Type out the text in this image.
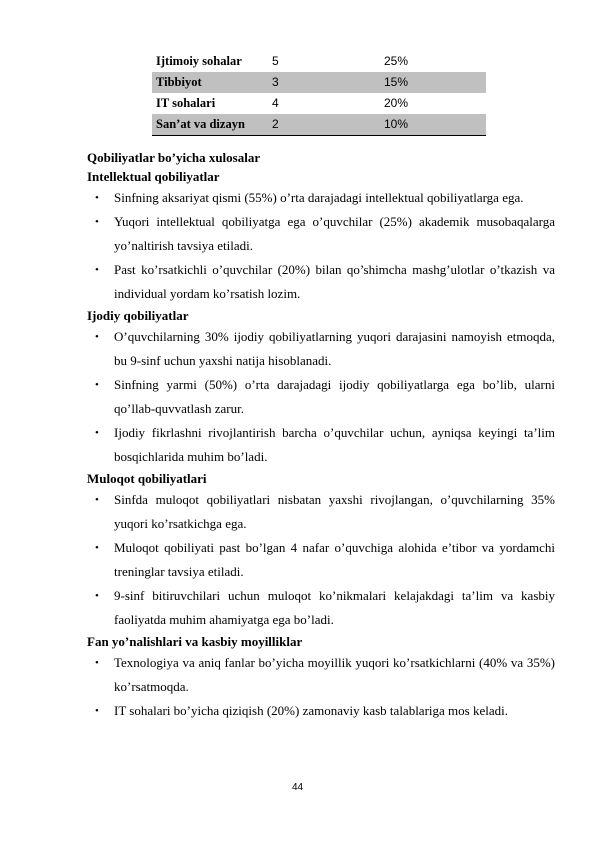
Ijtimoiy sohalar	5	25%
Tibbiyot	3	15%
IT sohalari	4	20%
San’at va dizayn	2	10%

Qobiliyatlar bo’yicha xulosalar

Intellektual qobiliyatlar

• Sinfning aksariyat qismi (55%) o’rta darajadagi intellektual qobiliyatlarga ega.
• Yuqori intellektual qobiliyatga ega o’quvchilar (25%) akademik musobaqalarga yo’naltirish tavsiya etiladi.
• Past ko’rsatkichli o’quvchilar (20%) bilan qo’shimcha mashg’ulotlar o’tkazish va individual yordam ko’rsatish lozim.

Ijodiy qobiliyatlar

• O’quvchilarning 30% ijodiy qobiliyatlarning yuqori darajasini namoyish etmoqda, bu 9-sinf uchun yaxshi natija hisoblanadi.
• Sinfning yarmi (50%) o’rta darajadagi ijodiy qobiliyatlarga ega bo’lib, ularni qo’llab-quvvatlash zarur.
• Ijodiy fikrlashni rivojlantirish barcha o’quvchilar uchun, ayniqsa keyingi ta’lim bosqichlarida muhim bo’ladi.

Muloqot qobiliyatlari

• Sinfda muloqot qobiliyatlari nisbatan yaxshi rivojlangan, o’quvchilarning 35% yuqori ko’rsatkichga ega.
• Muloqot qobiliyati past bo’lgan 4 nafar o’quvchiga alohida e’tibor va yordamchi treninglar tavsiya etiladi.
• 9-sinf bitiruvchilari uchun muloqot ko’nikmalari kelajakdagi ta’lim va kasbiy faoliyatda muhim ahamiyatga ega bo’ladi.

Fan yo’nalishlari va kasbiy moyilliklar

• Texnologiya va aniq fanlar bo’yicha moyillik yuqori ko’rsatkichlarni (40% va 35%) ko’rsatmoqda.
• IT sohalari bo’yicha qiziqish (20%) zamonaviy kasb talablariga mos keladi.
44
